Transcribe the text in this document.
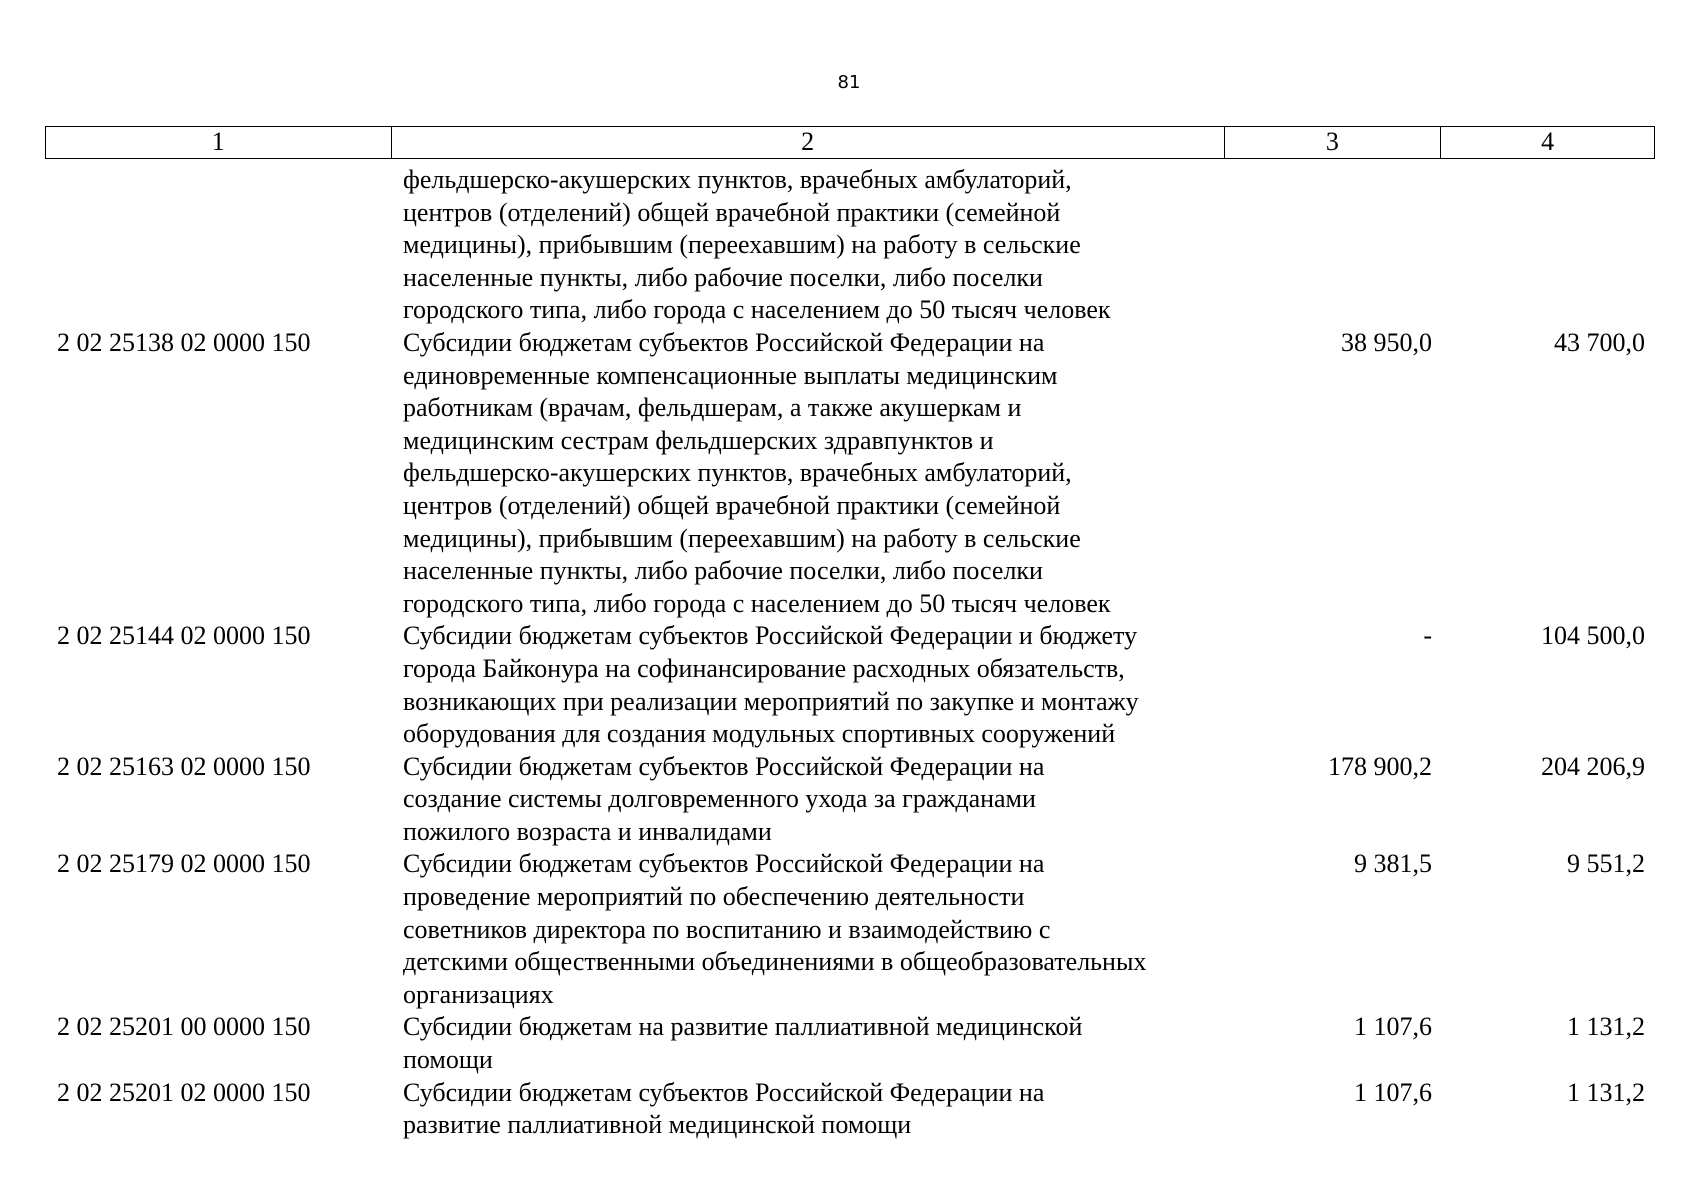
81
1	2	3	4
фельдшерско-акушерских пунктов, врачебных амбулаторий,
центров (отделений) общей врачебной практики (семейной
медицины), прибывшим (переехавшим) на работу в сельские
населенные пункты, либо рабочие поселки, либо поселки
городского типа, либо города с населением до 50 тысяч человек
2 02 25138 02 0000 150	Субсидии бюджетам субъектов Российской Федерации на
единовременные компенсационные выплаты медицинским
работникам (врачам, фельдшерам, а также акушеркам и
медицинским сестрам фельдшерских здравпунктов и
фельдшерско-акушерских пунктов, врачебных амбулаторий,
центров (отделений) общей врачебной практики (семейной
медицины), прибывшим (переехавшим) на работу в сельские
населенные пункты, либо рабочие поселки, либо поселки
городского типа, либо города с населением до 50 тысяч человек
38 950,0	43 700,0
2 02 25144 02 0000 150	Субсидии бюджетам субъектов Российской Федерации и бюджету
города Байконура на софинансирование расходных обязательств,
возникающих при реализации мероприятий по закупке и монтажу
оборудования для создания модульных спортивных сооружений
-	104 500,0
2 02 25163 02 0000 150	Субсидии бюджетам субъектов Российской Федерации на
создание системы долговременного ухода за гражданами
пожилого возраста и инвалидами
178 900,2	204 206,9
2 02 25179 02 0000 150	Субсидии бюджетам субъектов Российской Федерации на
проведение мероприятий по обеспечению деятельности
советников директора по воспитанию и взаимодействию с
детскими общественными объединениями в общеобразовательных
организациях
9 381,5	9 551,2
2 02 25201 00 0000 150	Субсидии бюджетам на развитие паллиативной медицинской
помощи
1 107,6	1 131,2
2 02 25201 02 0000 150	Субсидии бюджетам субъектов Российской Федерации на
развитие паллиативной медицинской помощи
1 107,6	1 131,2
